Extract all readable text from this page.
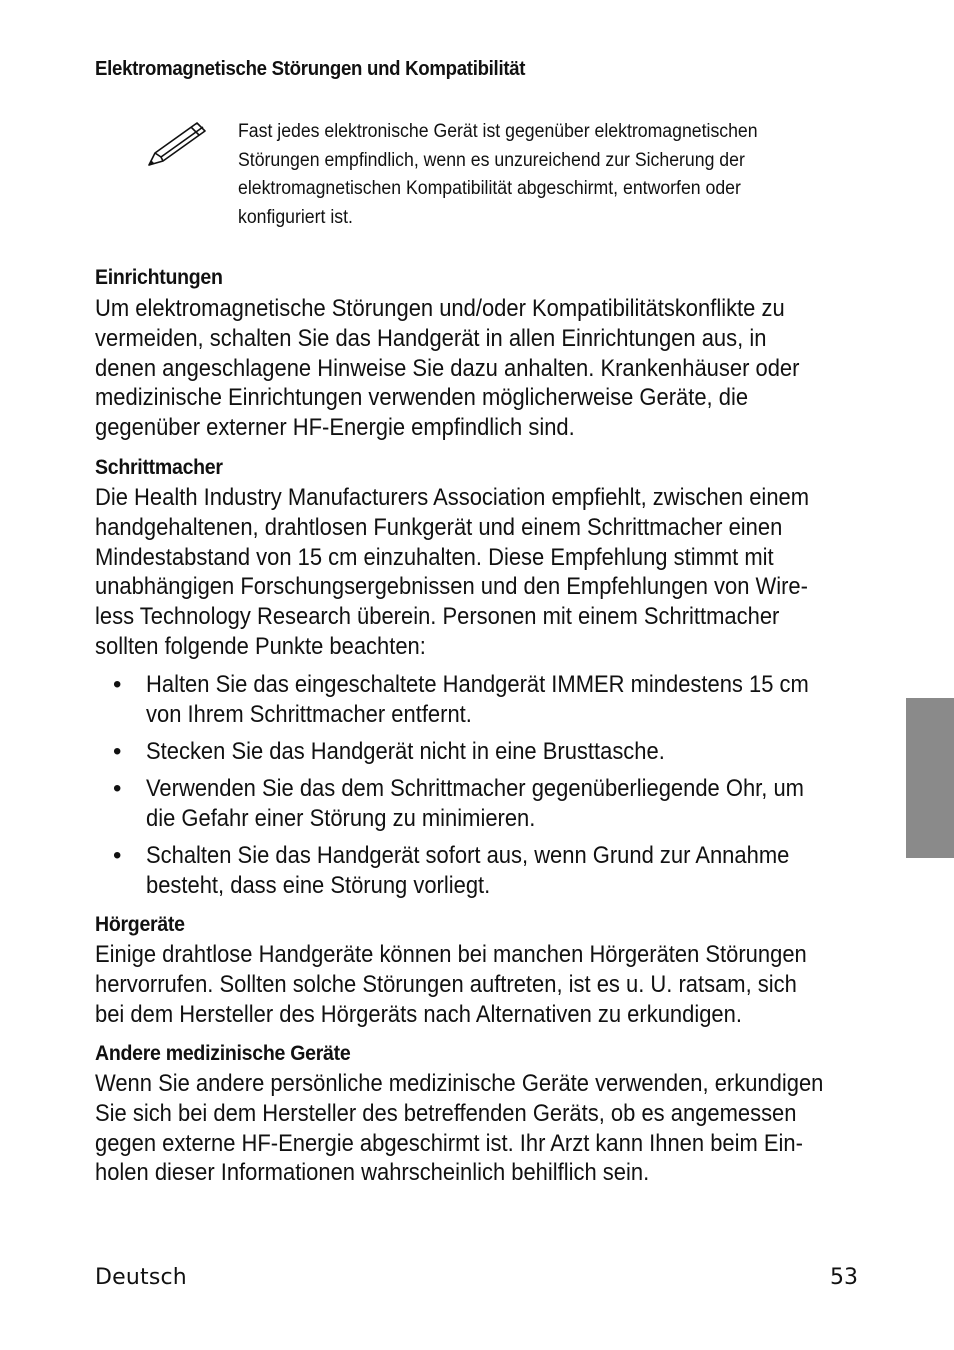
Elektromagnetische Störungen und Kompatibilität
Fast jedes elektronische Gerät ist gegenüber elektromagnetischen
Störungen empfindlich, wenn es unzureichend zur Sicherung der
elektromagnetischen Kompatibilität abgeschirmt, entworfen oder
konfiguriert ist.
Einrichtungen
Um elektromagnetische Störungen und/oder Kompatibilitätskonflikte zu
vermeiden, schalten Sie das Handgerät in allen Einrichtungen aus, in
denen angeschlagene Hinweise Sie dazu anhalten. Krankenhäuser oder
medizinische Einrichtungen verwenden möglicherweise Geräte, die
gegenüber externer HF-Energie empfindlich sind.
Schrittmacher
Die Health Industry Manufacturers Association empfiehlt, zwischen einem
handgehaltenen, drahtlosen Funkgerät und einem Schrittmacher einen
Mindestabstand von 15 cm einzuhalten. Diese Empfehlung stimmt mit
unabhängigen Forschungsergebnissen und den Empfehlungen von Wire-
less Technology Research überein. Personen mit einem Schrittmacher
sollten folgende Punkte beachten:
• Halten Sie das eingeschaltete Handgerät IMMER mindestens 15 cm
von Ihrem Schrittmacher entfernt.
• Stecken Sie das Handgerät nicht in eine Brusttasche.
• Verwenden Sie das dem Schrittmacher gegenüberliegende Ohr, um
die Gefahr einer Störung zu minimieren.
• Schalten Sie das Handgerät sofort aus, wenn Grund zur Annahme
besteht, dass eine Störung vorliegt.
Hörgeräte
Einige drahtlose Handgeräte können bei manchen Hörgeräten Störungen
hervorrufen. Sollten solche Störungen auftreten, ist es u. U. ratsam, sich
bei dem Hersteller des Hörgeräts nach Alternativen zu erkundigen.
Andere medizinische Geräte
Wenn Sie andere persönliche medizinische Geräte verwenden, erkundigen
Sie sich bei dem Hersteller des betreffenden Geräts, ob es angemessen
gegen externe HF-Energie abgeschirmt ist. Ihr Arzt kann Ihnen beim Ein-
holen dieser Informationen wahrscheinlich behilflich sein.
Deutsch	53
